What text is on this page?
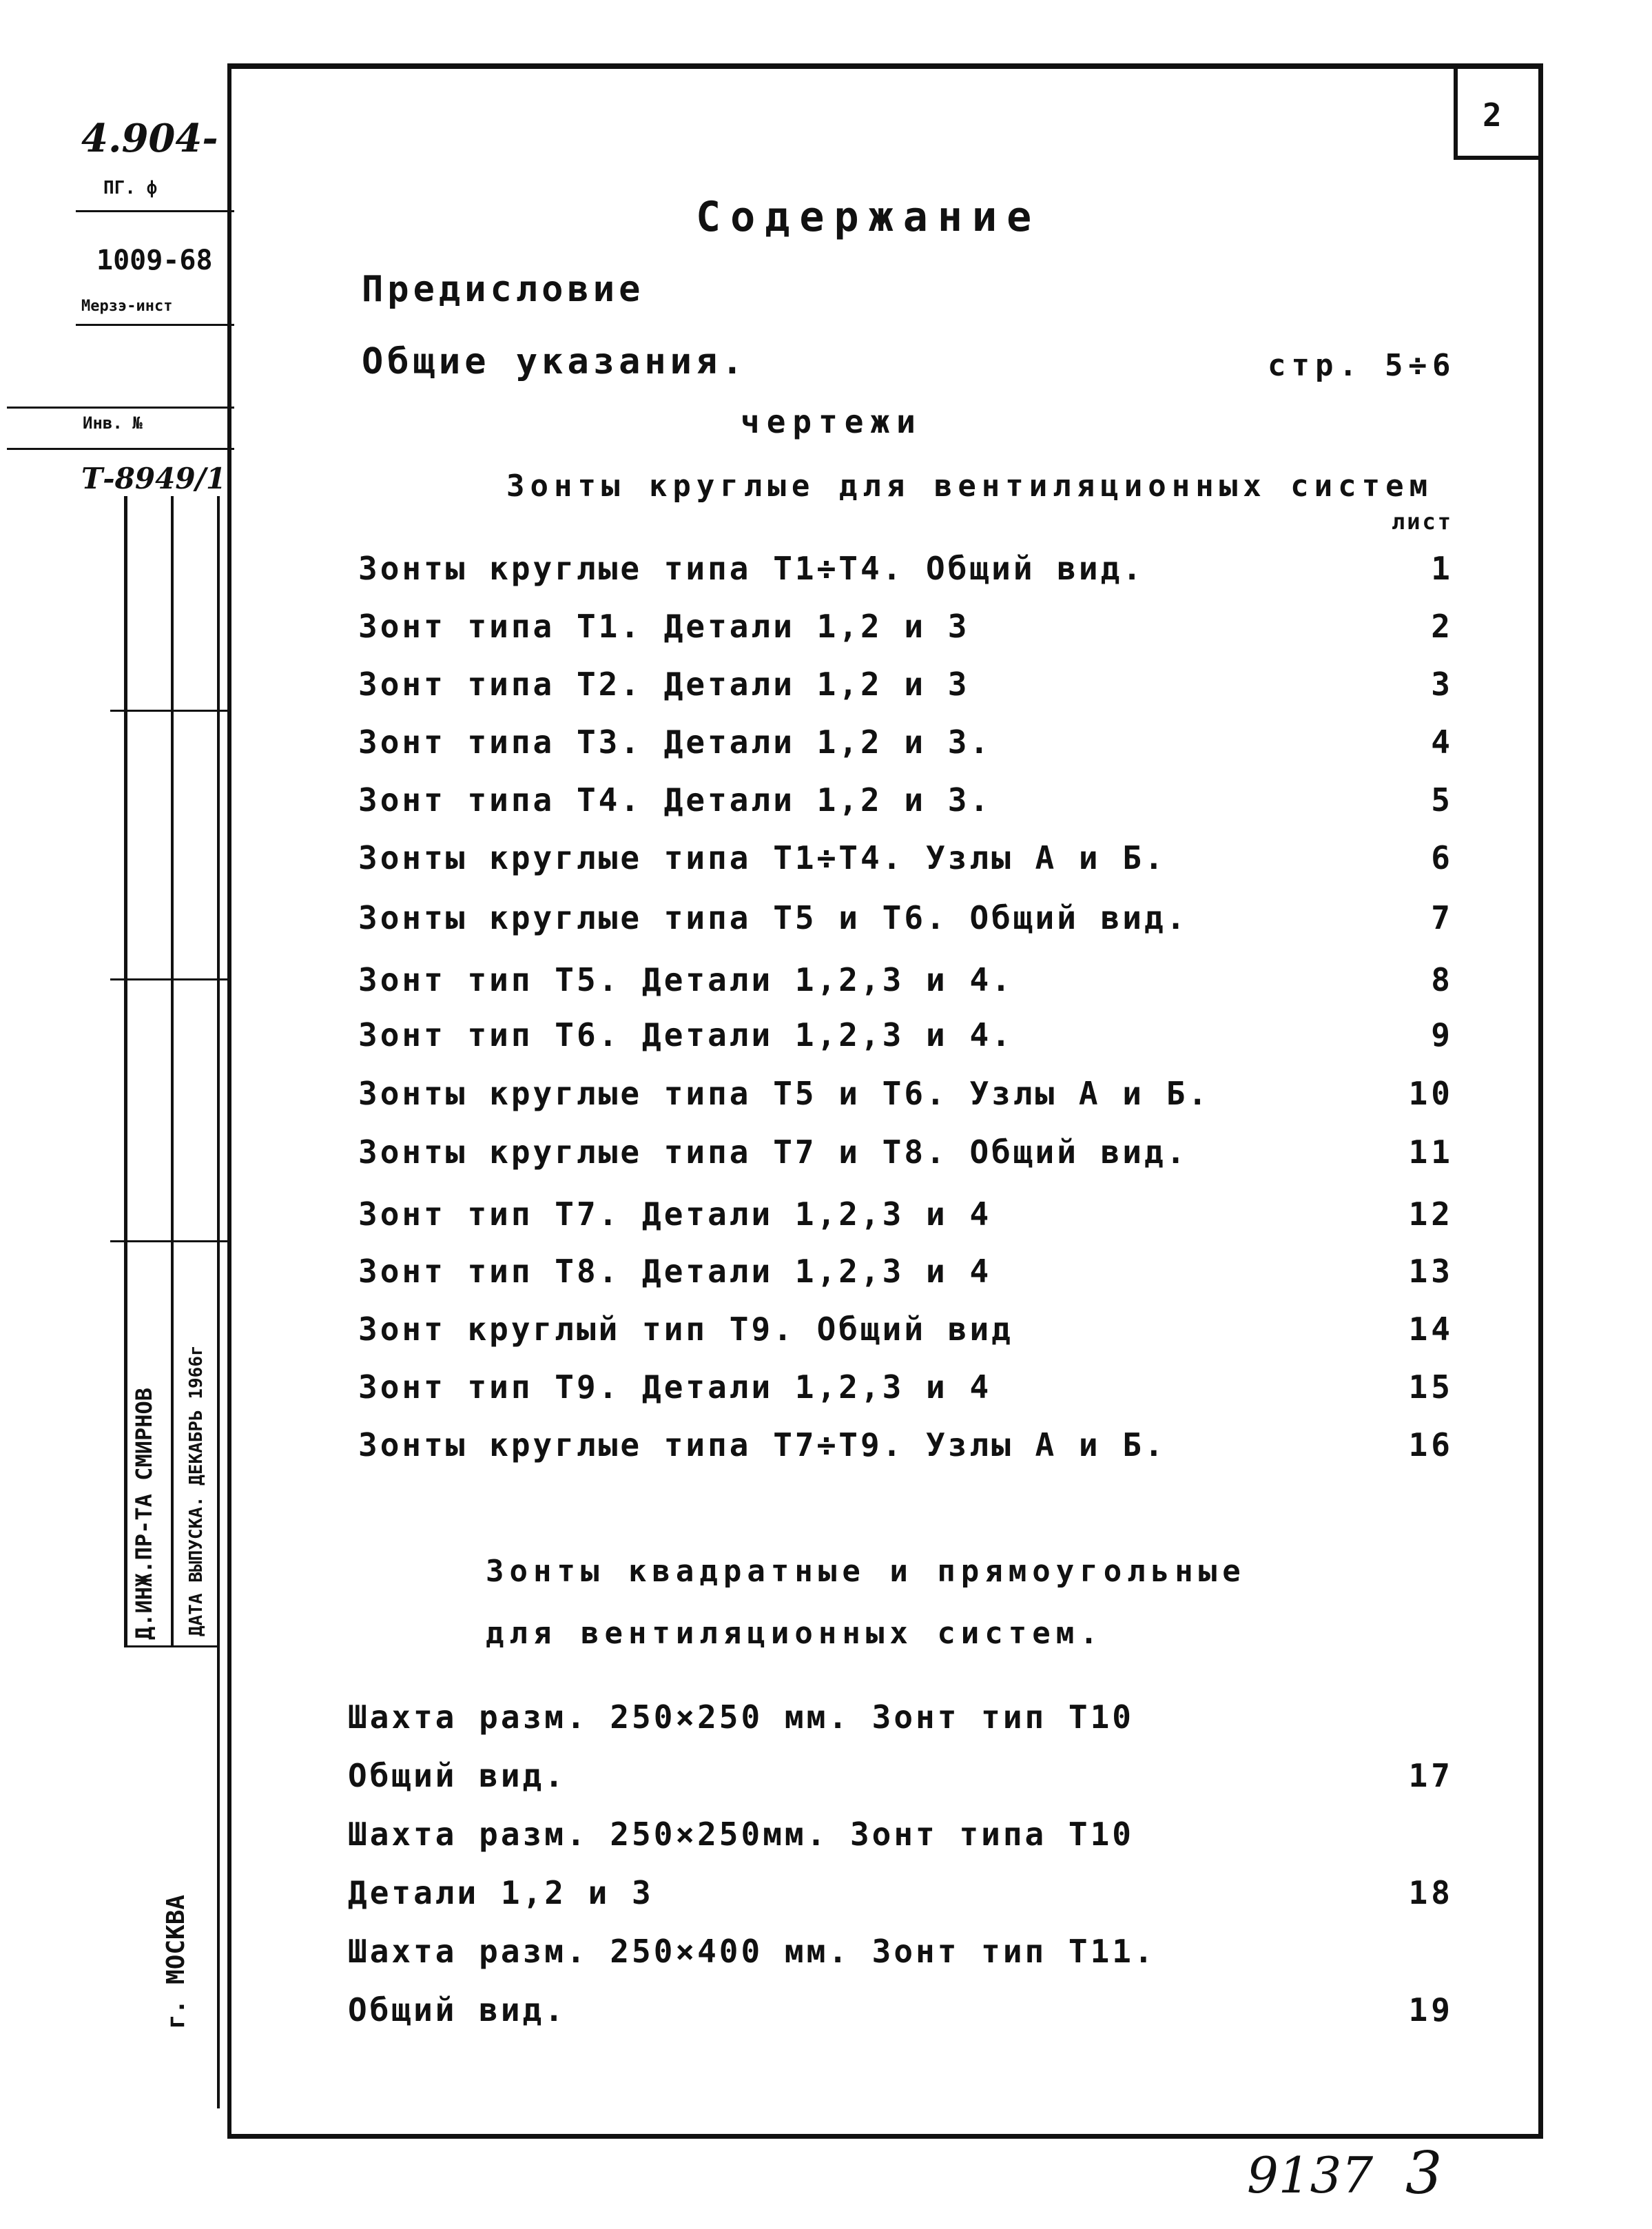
4.904-
ПГ. ф
1009-68
Мерзэ-инст
Инв. №
Т-8949/1
Д.ИНЖ.ПР-ТА СМИРНОВ ДАТА ВЫПУСКА. ДЕКАБРЬ 1966г
г. МОСКВА
2
Содержание
Предисловие
Общие указания.	стр. 5÷6
чертежи
Зонты круглые для вентиляционных систем
лист
Зонты круглые типа Т1÷Т4. Общий вид.	1
Зонт типа Т1. Детали 1,2 и 3	2
Зонт типа Т2. Детали 1,2 и 3	3
Зонт типа Т3. Детали 1,2 и 3.	4
Зонт типа Т4. Детали 1,2 и 3.	5
Зонты круглые типа Т1÷Т4. Узлы А и Б.	6
Зонты круглые типа Т5 и Т6. Общий вид.	7
Зонт тип Т5. Детали 1,2,3 и 4.	8
Зонт тип Т6. Детали 1,2,3 и 4.	9
Зонты круглые типа Т5 и Т6. Узлы А и Б.	10
Зонты круглые типа Т7 и Т8. Общий вид.	11
Зонт тип Т7. Детали 1,2,3 и 4	12
Зонт тип Т8. Детали 1,2,3 и 4	13
Зонт круглый тип Т9. Общий вид	14
Зонт тип Т9. Детали 1,2,3 и 4	15
Зонты круглые типа Т7÷Т9. Узлы А и Б.	16
Зонты квадратные и прямоугольные
для вентиляционных систем.
Шахта разм. 250×250 мм. Зонт тип Т10
Общий вид.	17
Шахта разм. 250×250мм. Зонт типа Т10
Детали 1,2 и 3	18
Шахта разм. 250×400 мм. Зонт тип Т11.
Общий вид.	19
9137 3
